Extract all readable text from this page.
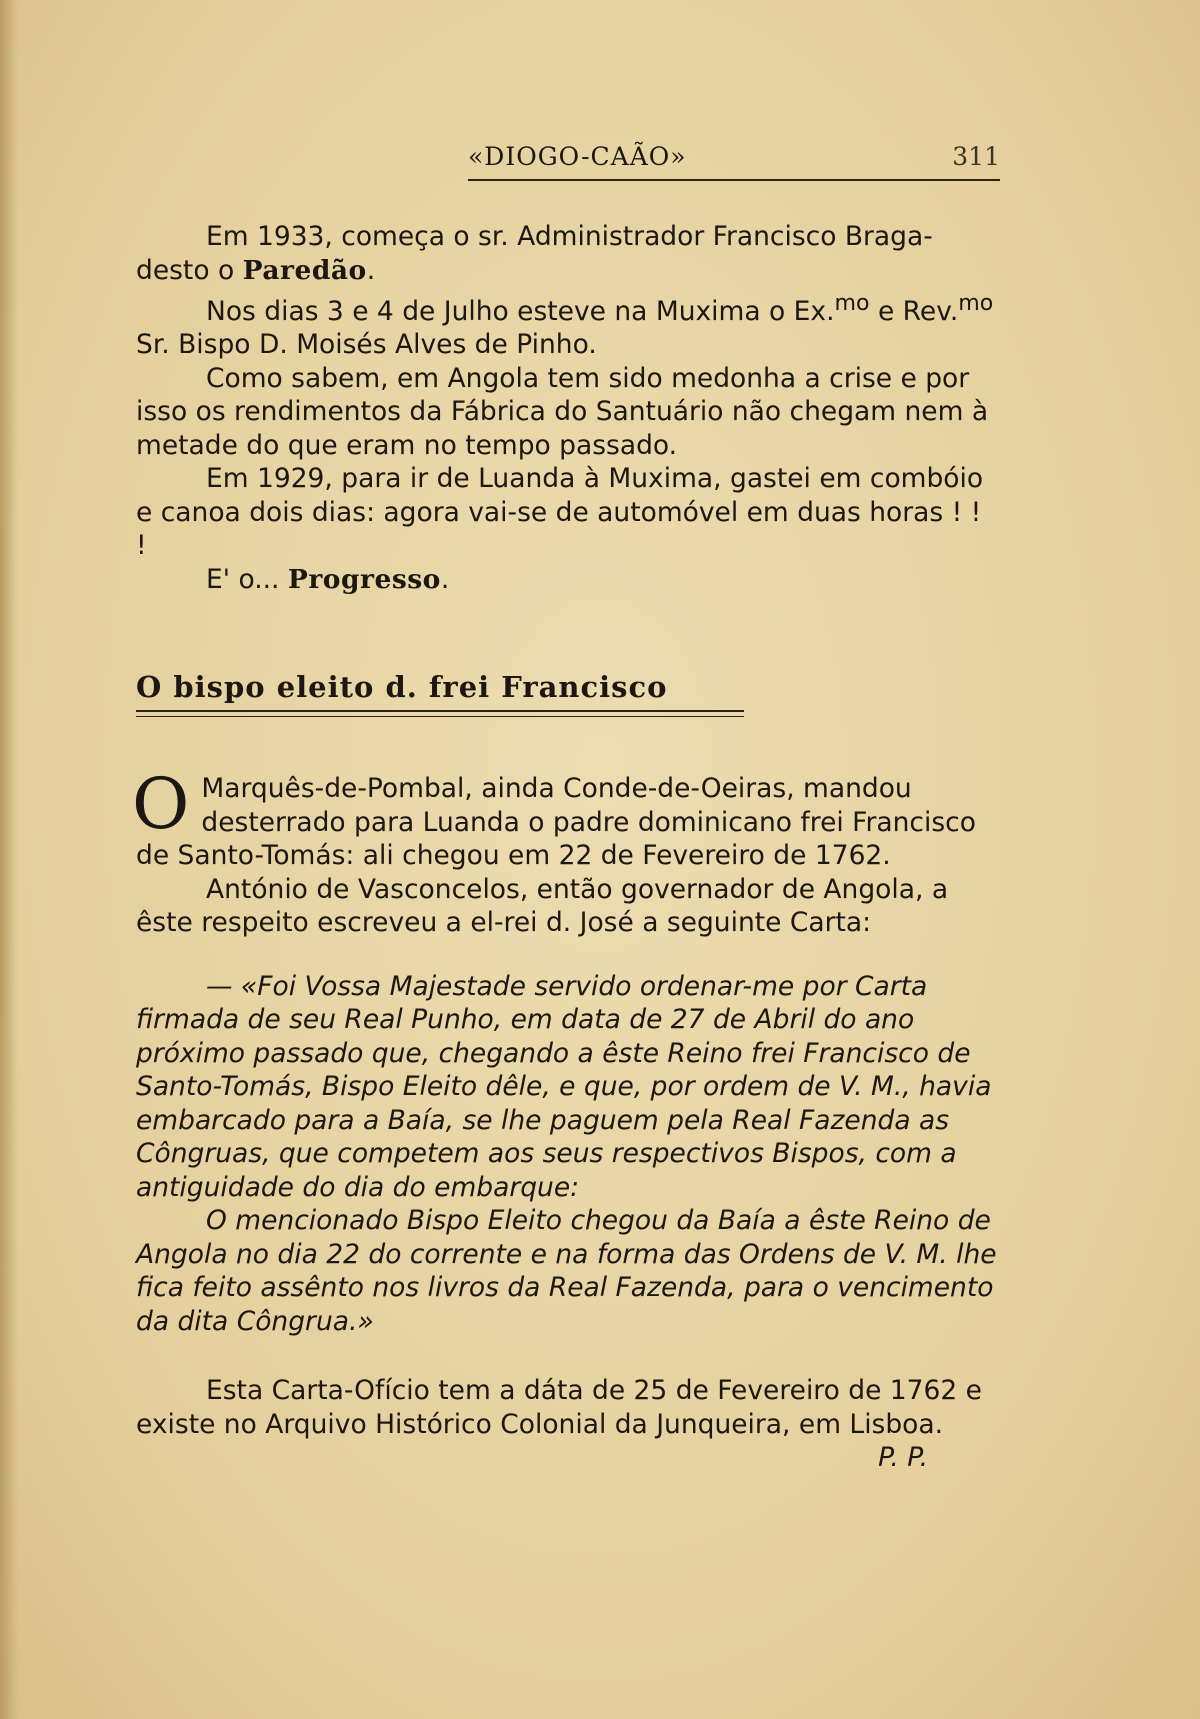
«DIOGO-CAÃO»	311

Em 1933, começa o sr. Administrador Francisco Braga-desto o Paredão.

Nos dias 3 e 4 de Julho esteve na Muxima o Ex.$^{mo}$ e Rev.$^{mo}$ Sr. Bispo D. Moisés Alves de Pinho.

Como sabem, em Angola tem sido medonha a crise e por isso os rendimentos da Fábrica do Santuário não chegam nem à metade do que eram no tempo passado.

Em 1929, para ir de Luanda à Muxima, gastei em combóio e canoa dois dias: agora vai-se de automóvel em duas horas ! ! !

E' o... Progresso.

O bispo eleito d. frei Francisco

O Marquês-de-Pombal, ainda Conde-de-Oeiras, mandou desterrado para Luanda o padre dominicano frei Francisco de Santo-Tomás: ali chegou em 22 de Fevereiro de 1762.

António de Vasconcelos, então governador de Angola, a êste respeito escreveu a el-rei d. José a seguinte Carta:

— «Foi Vossa Majestade servido ordenar-me por Carta firmada de seu Real Punho, em data de 27 de Abril do ano próximo passado que, chegando a êste Reino frei Francisco de Santo-Tomás, Bispo Eleito dêle, e que, por ordem de V. M., havia embarcado para a Baía, se lhe paguem pela Real Fazenda as Côngruas, que competem aos seus respectivos Bispos, com a antiguidade do dia do embarque:

O mencionado Bispo Eleito chegou da Baía a êste Reino de Angola no dia 22 do corrente e na forma das Ordens de V. M. lhe fica feito assênto nos livros da Real Fazenda, para o vencimento da dita Côngrua.»

Esta Carta-Ofício tem a dáta de 25 de Fevereiro de 1762 e existe no Arquivo Histórico Colonial da Junqueira, em Lisboa.

P. P.
